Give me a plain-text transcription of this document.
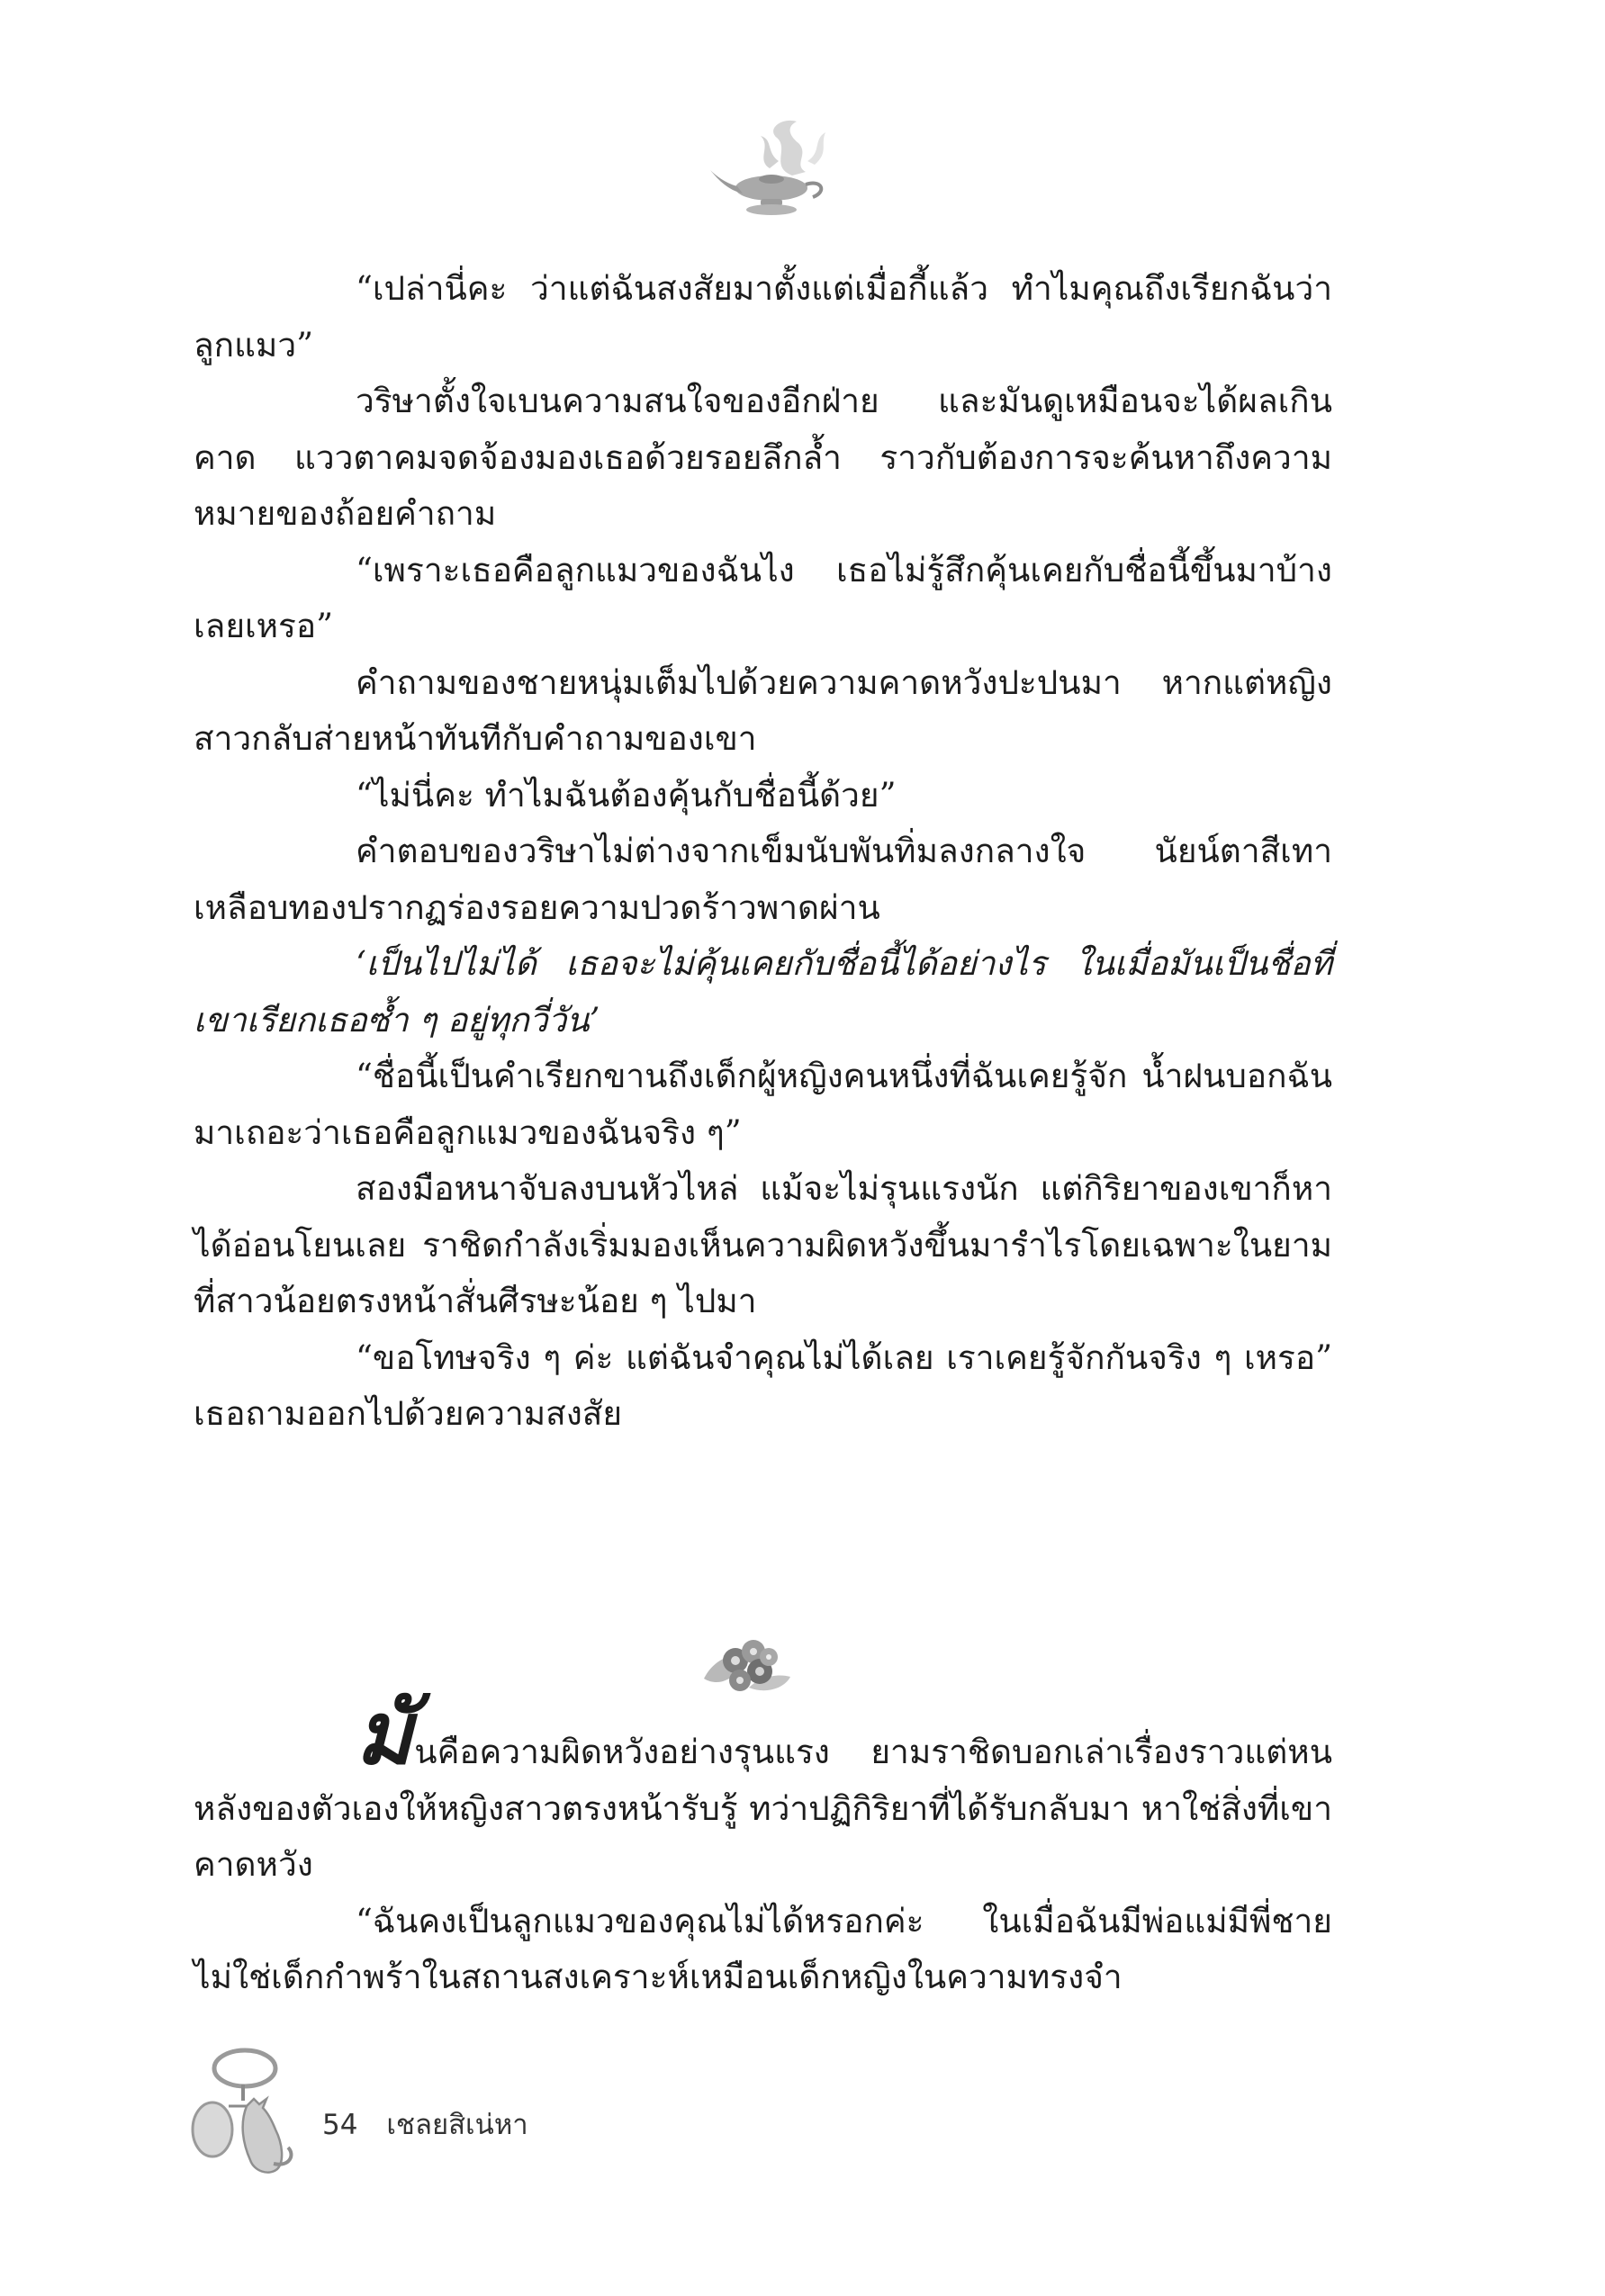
“เปล่านี่คะ ว่าแต่ฉันสงสัยมาตั้งแต่เมื่อกี้แล้ว ทำไมคุณถึงเรียกฉันว่าลูกแมว”

วริษาตั้งใจเบนความสนใจของอีกฝ่าย และมันดูเหมือนจะได้ผลเกินคาด แววตาคมจดจ้องมองเธอด้วยรอยลึกล้ำ ราวกับต้องการจะค้นหาถึงความหมายของถ้อยคำถาม

“เพราะเธอคือลูกแมวของฉันไง เธอไม่รู้สึกคุ้นเคยกับชื่อนี้ขึ้นมาบ้างเลยเหรอ”

คำถามของชายหนุ่มเต็มไปด้วยความคาดหวังปะปนมา หากแต่หญิงสาวกลับส่ายหน้าทันทีกับคำถามของเขา

“ไม่นี่คะ ทำไมฉันต้องคุ้นกับชื่อนี้ด้วย”

คำตอบของวริษาไม่ต่างจากเข็มนับพันทิ่มลงกลางใจ นัยน์ตาสีเทาเหลือบทองปรากฏร่องรอยความปวดร้าวพาดผ่าน

‘เป็นไปไม่ได้ เธอจะไม่คุ้นเคยกับชื่อนี้ได้อย่างไร ในเมื่อมันเป็นชื่อที่เขาเรียกเธอซ้ำ ๆ อยู่ทุกวี่วัน’

“ชื่อนี้เป็นคำเรียกขานถึงเด็กผู้หญิงคนหนึ่งที่ฉันเคยรู้จัก น้ำฝนบอกฉันมาเถอะว่าเธอคือลูกแมวของฉันจริง ๆ”

สองมือหนาจับลงบนหัวไหล่ แม้จะไม่รุนแรงนัก แต่กิริยาของเขาก็หาได้อ่อนโยนเลย ราชิดกำลังเริ่มมองเห็นความผิดหวังขึ้นมารำไรโดยเฉพาะในยามที่สาวน้อยตรงหน้าสั่นศีรษะน้อย ๆ ไปมา

“ขอโทษจริง ๆ ค่ะ แต่ฉันจำคุณไม่ได้เลย เราเคยรู้จักกันจริง ๆ เหรอ” เธอถามออกไปด้วยความสงสัย

มันคือความผิดหวังอย่างรุนแรง ยามราชิดบอกเล่าเรื่องราวแต่หนหลังของตัวเองให้หญิงสาวตรงหน้ารับรู้ ทว่าปฏิกิริยาที่ได้รับกลับมา หาใช่สิ่งที่เขาคาดหวัง

“ฉันคงเป็นลูกแมวของคุณไม่ได้หรอกค่ะ ในเมื่อฉันมีพ่อแม่มีพี่ชาย ไม่ใช่เด็กกำพร้าในสถานสงเคราะห์เหมือนเด็กหญิงในความทรงจำ

54 เชลยสิเน่หา
